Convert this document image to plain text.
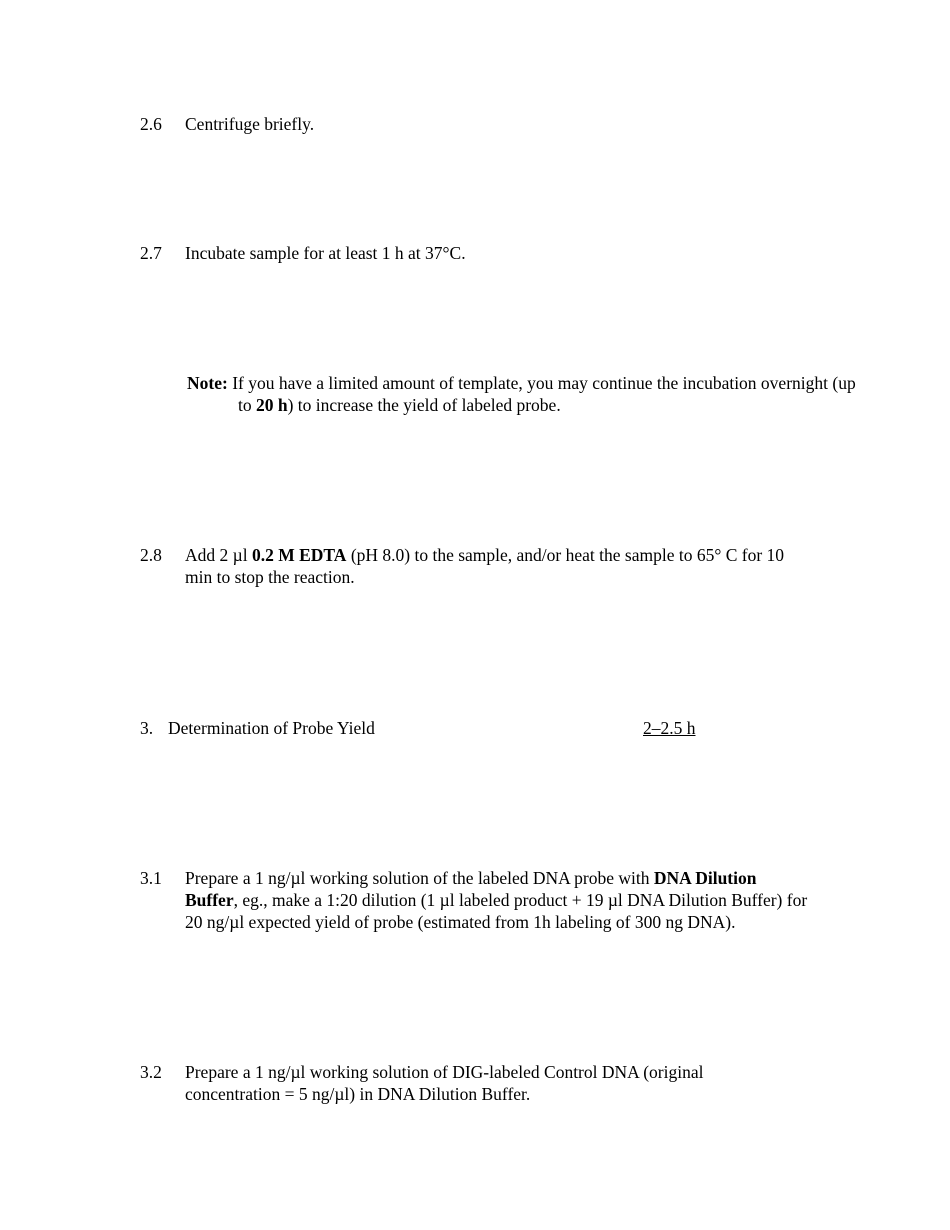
2.6 Centrifuge briefly.
2.7 Incubate sample for at least 1 h at 37°C.
Note: If you have a limited amount of template, you may continue the incubation overnight (up to 20 h) to increase the yield of labeled probe.
2.8 Add 2 µl 0.2 M EDTA (pH 8.0) to the sample, and/or heat the sample to 65° C for 10 min to stop the reaction.
3. Determination of Probe Yield	2–2.5 h
3.1 Prepare a 1 ng/µl working solution of the labeled DNA probe with DNA Dilution Buffer, eg., make a 1:20 dilution (1 µl labeled product + 19 µl DNA Dilution Buffer) for 20 ng/µl expected yield of probe (estimated from 1h labeling of 300 ng DNA).
3.2 Prepare a 1 ng/µl working solution of DIG-labeled Control DNA (original concentration = 5 ng/µl) in DNA Dilution Buffer.
